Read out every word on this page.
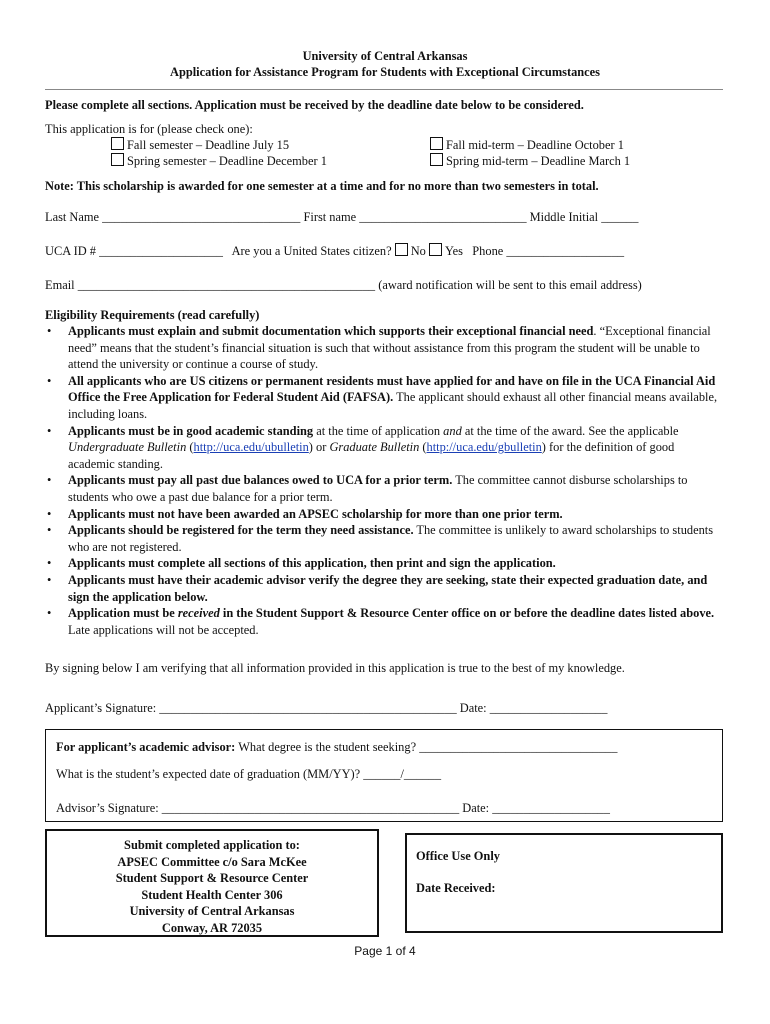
University of Central Arkansas
Application for Assistance Program for Students with Exceptional Circumstances
Please complete all sections. Application must be received by the deadline date below to be considered.
This application is for (please check one):
Fall semester – Deadline July 15
Spring semester – Deadline December 1
Fall mid-term – Deadline October 1
Spring mid-term – Deadline March 1
Note: This scholarship is awarded for one semester at a time and for no more than two semesters in total.
Last Name ________________________________ First name ___________________________ Middle Initial ______
UCA ID # ____________________ Are you a United States citizen? No Yes Phone ___________________
Email ________________________________________________ (award notification will be sent to this email address)
Eligibility Requirements (read carefully)
• Applicants must explain and submit documentation which supports their exceptional financial need. “Exceptional financial need” means that the student’s financial situation is such that without assistance from this program the student will be unable to attend the university or continue a course of study.
• All applicants who are US citizens or permanent residents must have applied for and have on file in the UCA Financial Aid Office the Free Application for Federal Student Aid (FAFSA). The applicant should exhaust all other financial means available, including loans.
• Applicants must be in good academic standing at the time of application and at the time of the award. See the applicable Undergraduate Bulletin (http://uca.edu/ubulletin) or Graduate Bulletin (http://uca.edu/gbulletin) for the definition of good academic standing.
• Applicants must pay all past due balances owed to UCA for a prior term. The committee cannot disburse scholarships to students who owe a past due balance for a prior term.
• Applicants must not have been awarded an APSEC scholarship for more than one prior term.
• Applicants should be registered for the term they need assistance. The committee is unlikely to award scholarships to students who are not registered.
• Applicants must complete all sections of this application, then print and sign the application.
• Applicants must have their academic advisor verify the degree they are seeking, state their expected graduation date, and sign the application below.
• Application must be received in the Student Support & Resource Center office on or before the deadline dates listed above. Late applications will not be accepted.
By signing below I am verifying that all information provided in this application is true to the best of my knowledge.
Applicant’s Signature: ________________________________________________ Date: ___________________
For applicant’s academic advisor: What degree is the student seeking? ________________________________
What is the student’s expected date of graduation (MM/YY)? ______/______
Advisor’s Signature: ________________________________________________ Date: ___________________
Submit completed application to:
APSEC Committee c/o Sara McKee
Student Support & Resource Center
Student Health Center 306
University of Central Arkansas
Conway, AR 72035
Office Use Only
Date Received:
Page 1 of 4
